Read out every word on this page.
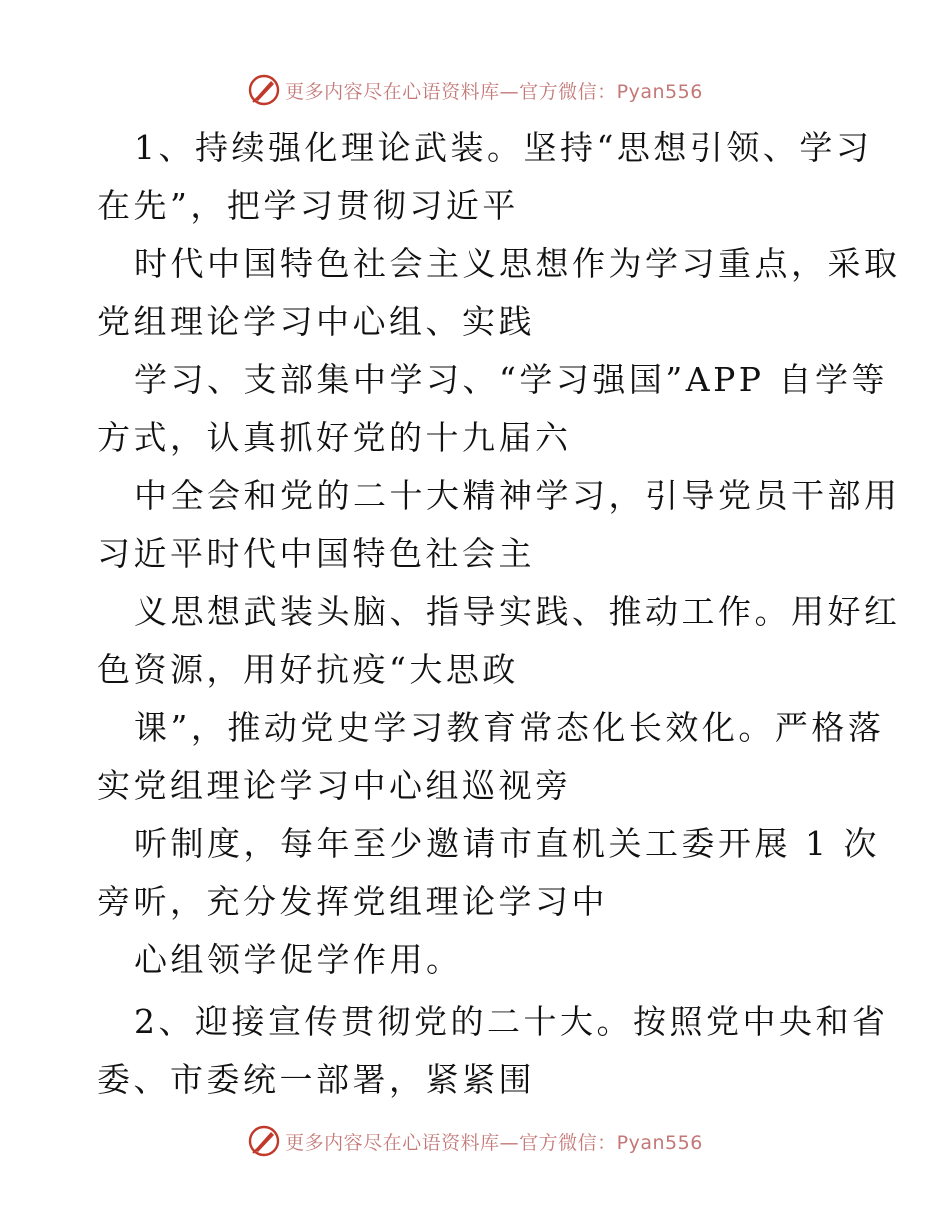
更多内容尽在心语资料库—官方微信：Pyan556
1、持续强化理论武装。坚持“思想引领、学习
在先”，把学习贯彻习近平
时代中国特色社会主义思想作为学习重点，采取
党组理论学习中心组、实践
学习、支部集中学习、“学习强国”APP 自学等
方式，认真抓好党的十九届六
中全会和党的二十大精神学习，引导党员干部用
习近平时代中国特色社会主
义思想武装头脑、指导实践、推动工作。用好红
色资源，用好抗疫“大思政
课”，推动党史学习教育常态化长效化。严格落
实党组理论学习中心组巡视旁
听制度，每年至少邀请市直机关工委开展 1 次
旁听，充分发挥党组理论学习中
心组领学促学作用。
2、迎接宣传贯彻党的二十大。按照党中央和省
委、市委统一部署，紧紧围
更多内容尽在心语资料库—官方微信：Pyan556
